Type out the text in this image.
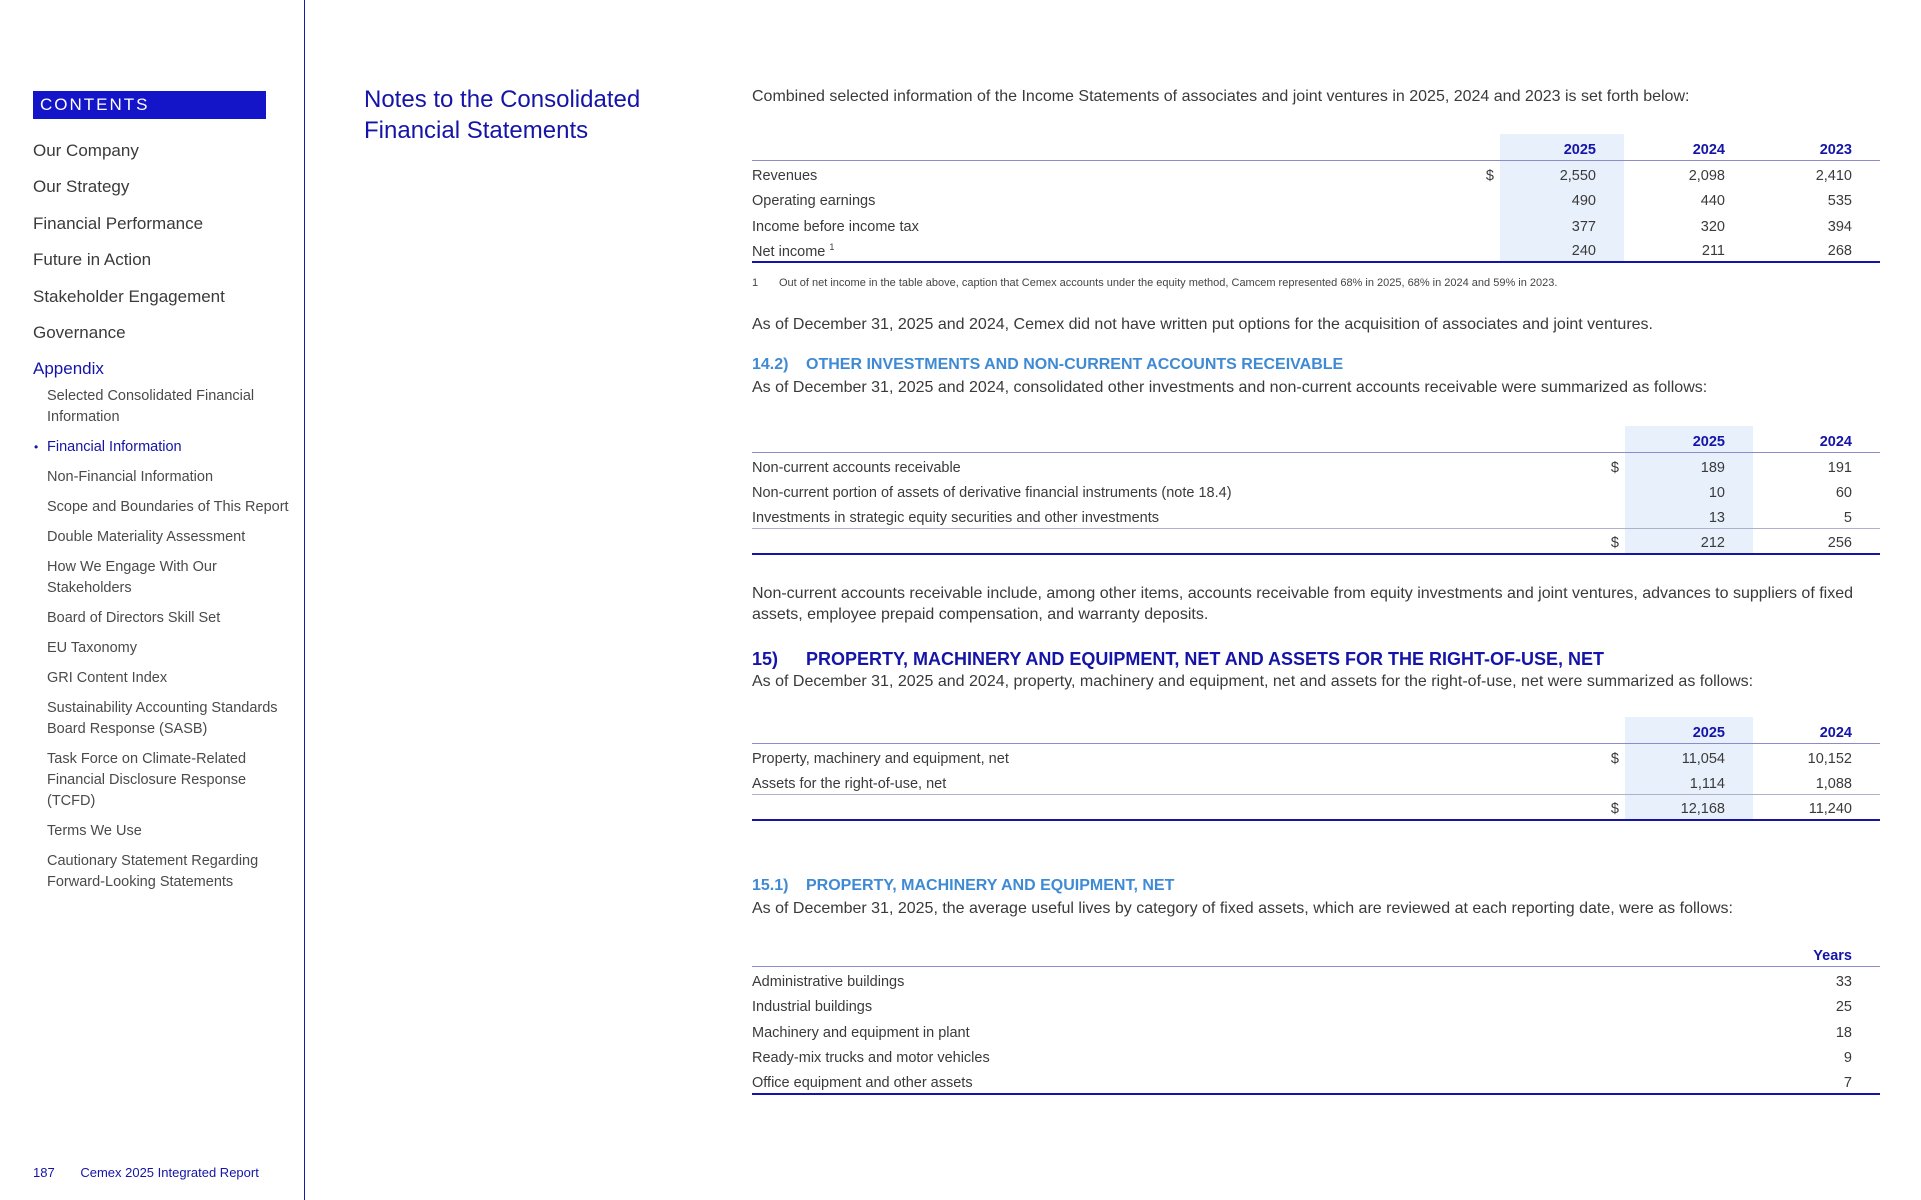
CONTENTS
Our Company
Our Strategy
Financial Performance
Future in Action
Stakeholder Engagement
Governance
Appendix
Selected Consolidated Financial Information
• Financial Information
Non-Financial Information
Scope and Boundaries of This Report
Double Materiality Assessment
How We Engage With Our Stakeholders
Board of Directors Skill Set
EU Taxonomy
GRI Content Index
Sustainability Accounting Standards Board Response (SASB)
Task Force on Climate-Related Financial Disclosure Response (TCFD)
Terms We Use
Cautionary Statement Regarding Forward-Looking Statements
187 Cemex 2025 Integrated Report
Notes to the Consolidated Financial Statements

Combined selected information of the Income Statements of associates and joint ventures in 2025, 2024 and 2023 is set forth below:

		2025	2024	2023
Revenues	$	2,550	2,098	2,410
Operating earnings		490	440	535
Income before income tax		377	320	394
Net income $^1$		240	211	268
1 Out of net income in the table above, caption that Cemex accounts under the equity method, Camcem represented 68% in 2025, 68% in 2024 and 59% in 2023.

As of December 31, 2025 and 2024, Cemex did not have written put options for the acquisition of associates and joint ventures.

14.2) OTHER INVESTMENTS AND NON-CURRENT ACCOUNTS RECEIVABLE

As of December 31, 2025 and 2024, consolidated other investments and non-current accounts receivable were summarized as follows:

		2025	2024
Non-current accounts receivable	$	189	191
Non-current portion of assets of derivative financial instruments (note 18.4)		10	60
Investments in strategic equity securities and other investments		13	5
	$	212	256

Non-current accounts receivable include, among other items, accounts receivable from equity investments and joint ventures, advances to suppliers of fixed assets, employee prepaid compensation, and warranty deposits.

15) PROPERTY, MACHINERY AND EQUIPMENT, NET AND ASSETS FOR THE RIGHT-OF-USE, NET

As of December 31, 2025 and 2024, property, machinery and equipment, net and assets for the right-of-use, net were summarized as follows:

		2025	2024
Property, machinery and equipment, net	$	11,054	10,152
Assets for the right-of-use, net		1,114	1,088
	$	12,168	11,240
15.1) PROPERTY, MACHINERY AND EQUIPMENT, NET

As of December 31, 2025, the average useful lives by category of fixed assets, which are reviewed at each reporting date, were as follows:

	Years
Administrative buildings	33
Industrial buildings	25
Machinery and equipment in plant	18
Ready-mix trucks and motor vehicles	9
Office equipment and other assets	7
